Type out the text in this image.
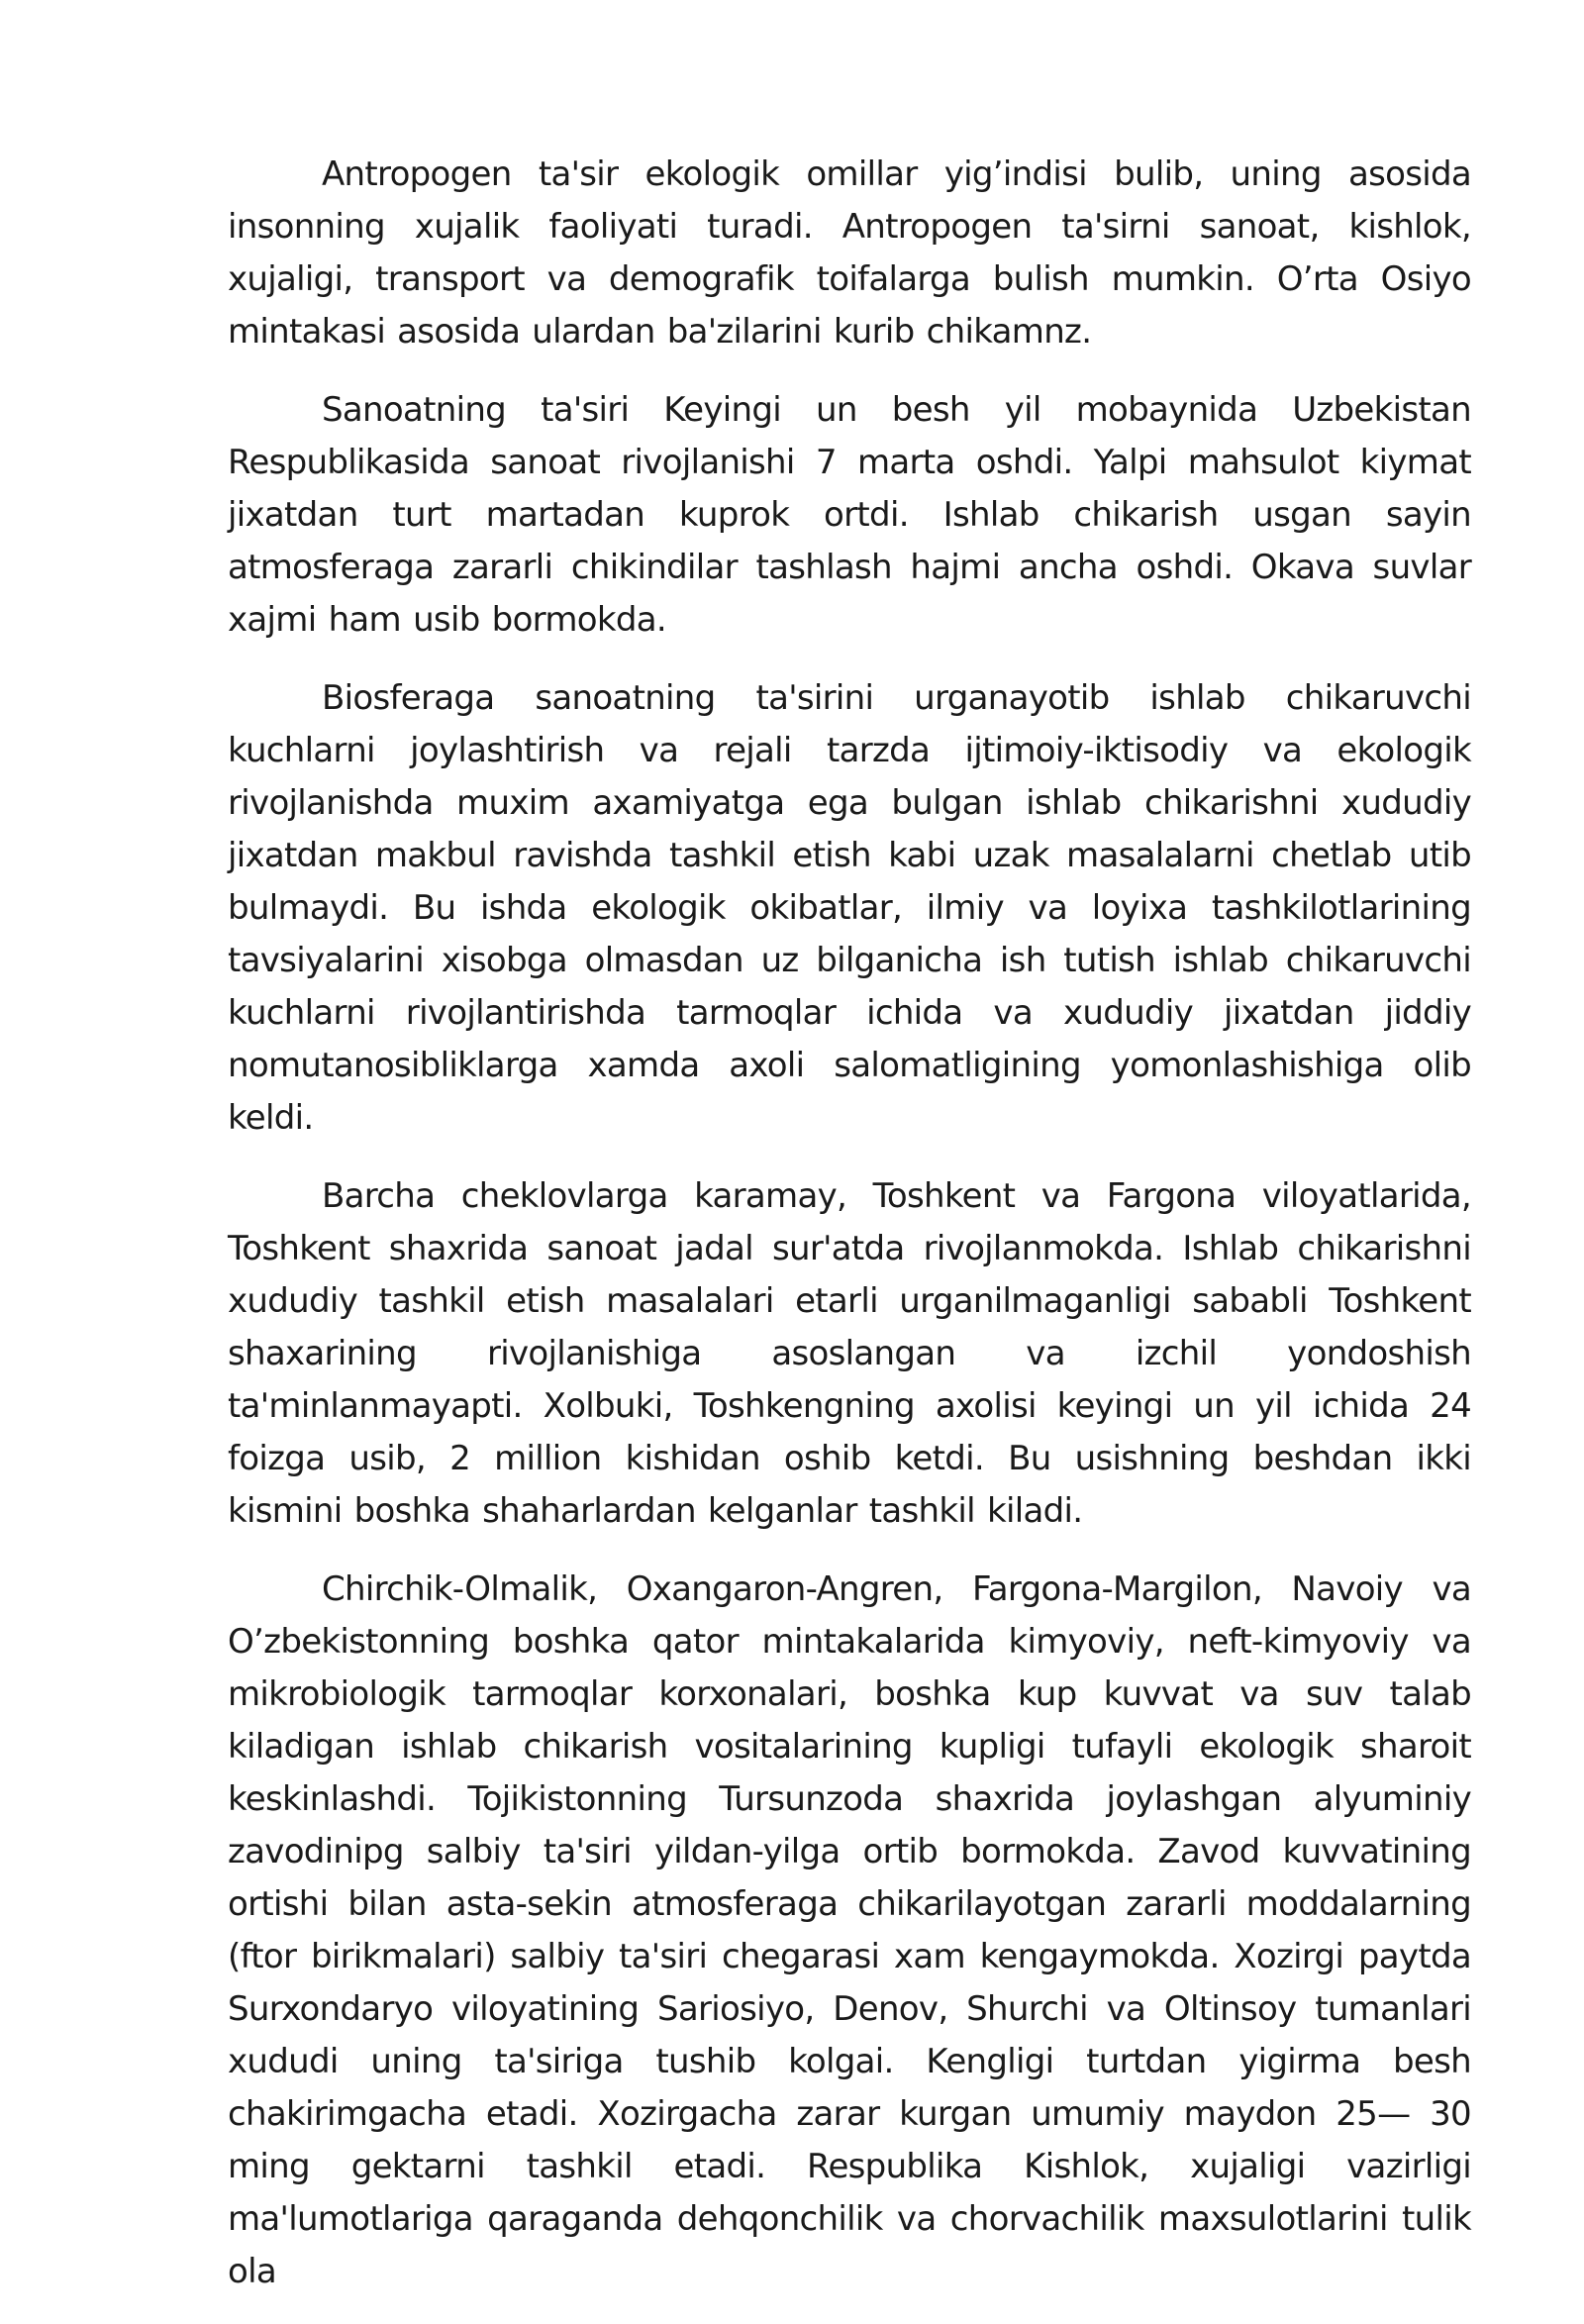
Antropogen ta'sir ekologik omillar yig’indisi bulib, uning asosida insonning xujalik faoliyati turadi. Antropogen ta'sirni sanoat, kishlok, xujaligi, transport va demografik toifalarga bulish mumkin. O’rta Osiyo mintakasi asosida ulardan ba'zilarini kurib chikamnz.

Sanoatning ta'siri Keyingi un besh yil mobaynida Uzbekistan Respublikasida sanoat rivojlanishi 7 marta oshdi. Yalpi mahsulot kiymat jixatdan turt martadan kuprok ortdi. Ishlab chikarish usgan sayin atmosferaga zararli chikindilar tashlash hajmi ancha oshdi. Okava suvlar xajmi ham usib bormokda.

Biosferaga sanoatning ta'sirini urganayotib ishlab chikaruvchi kuchlarni joylashtirish va rejali tarzda ijtimoiy-iktisodiy va ekologik rivojlanishda muxim axamiyatga ega bulgan ishlab chikarishni xududiy jixatdan makbul ravishda tashkil etish kabi uzak masalalarni chetlab utib bulmaydi. Bu ishda ekologik okibatlar, ilmiy va loyixa tashkilotlarining tavsiyalarini xisobga olmasdan uz bilganicha ish tutish ishlab chikaruvchi kuchlarni rivojlantirishda tarmoqlar ichida va xududiy jixatdan jiddiy nomutanosibliklarga xamda axoli salomatligining yomonlashishiga olib keldi.

Barcha cheklovlarga karamay, Toshkent va Fargona viloyatlarida, Toshkent shaxrida sanoat jadal sur'atda rivojlanmokda. Ishlab chikarishni xududiy tashkil etish masalalari etarli urganilmaganligi sababli Toshkent shaxarining rivojlanishiga asoslangan va izchil yondoshish ta'minlanmayapti. Xolbuki, Toshkengning axolisi keyingi un yil ichida 24 foizga usib, 2 million kishidan oshib ketdi. Bu usishning beshdan ikki kismini boshka shaharlardan kelganlar tashkil kiladi.

Chirchik-Olmalik, Oxangaron-Angren, Fargona-Margilon, Navoiy va O’zbekistonning boshka qator mintakalarida kimyoviy, neft-kimyoviy va mikrobiologik tarmoqlar korxonalari, boshka kup kuvvat va suv talab kiladigan ishlab chikarish vositalarining kupligi tufayli ekologik sharoit keskinlashdi. Tojikistonning Tursunzoda shaxrida joylashgan alyuminiy zavodinipg salbiy ta'siri yildan-yilga ortib bormokda. Zavod kuvvatining ortishi bilan asta-sekin atmosferaga chikarilayotgan zararli moddalarning (ftor birikmalari) salbiy ta'siri chegarasi xam kengaymokda. Xozirgi paytda Surxondaryo viloyatining Sariosiyo, Denov, Shurchi va Oltinsoy tumanlari xududi uning ta'siriga tushib kolgai. Kengligi turtdan yigirma besh chakirimgacha etadi. Xozirgacha zarar kurgan umumiy maydon 25— 30 ming gektarni tashkil etadi. Respublika Kishlok, xujaligi vazirligi ma'lumotlariga qaraganda dehqonchilik va chorvachilik maxsulotlarini tulik ola
